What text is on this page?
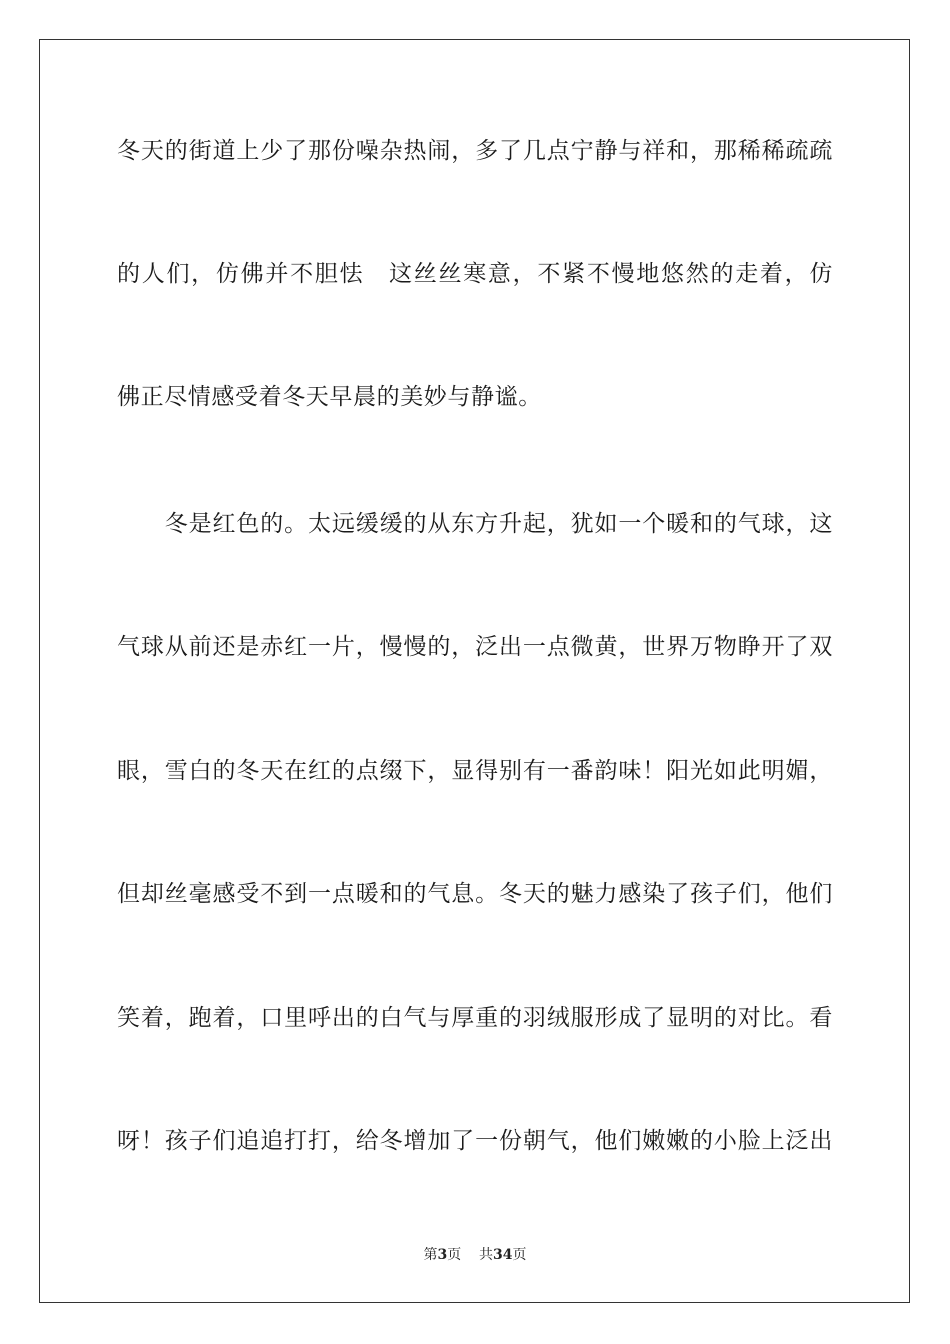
冬天的街道上少了那份噪杂热闹，多了几点宁静与祥和，那稀稀疏疏
的人们，仿佛并不胆怯　这丝丝寒意，不紧不慢地悠然的走着，仿
佛正尽情感受着冬天早晨的美妙与静谧。
　　冬是红色的。太远缓缓的从东方升起，犹如一个暖和的气球，这
气球从前还是赤红一片，慢慢的，泛出一点微黄，世界万物睁开了双
眼，雪白的冬天在红的点缀下，显得别有一番韵味！阳光如此明媚，
但却丝毫感受不到一点暖和的气息。冬天的魅力感染了孩子们，他们
笑着，跑着，口里呼出的白气与厚重的羽绒服形成了显明的对比。看
呀！孩子们追追打打，给冬增加了一份朝气，他们嫩嫩的小脸上泛出
第3页 共34页
